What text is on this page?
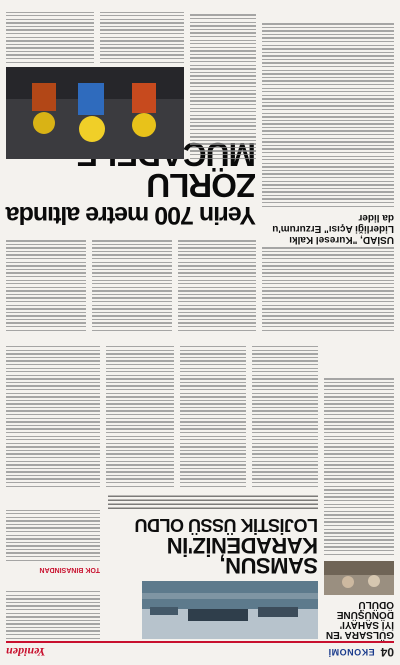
04
EKONOMİ
Yeniden
GÜLSARA 'EN
İYİ SAHAYI'
DÖNÜŞÜNE
ÖDÜLÜ
SAMSUN,
KARADENİZ'İN
LOJİSTİK ÜSSÜ OLDU
TOK BINASINDAN
USİAD, "Kuresel Kalkı Liderliği Açısı" Erzurum'u da lider
Yerin 700 metre altında
ZORLU
